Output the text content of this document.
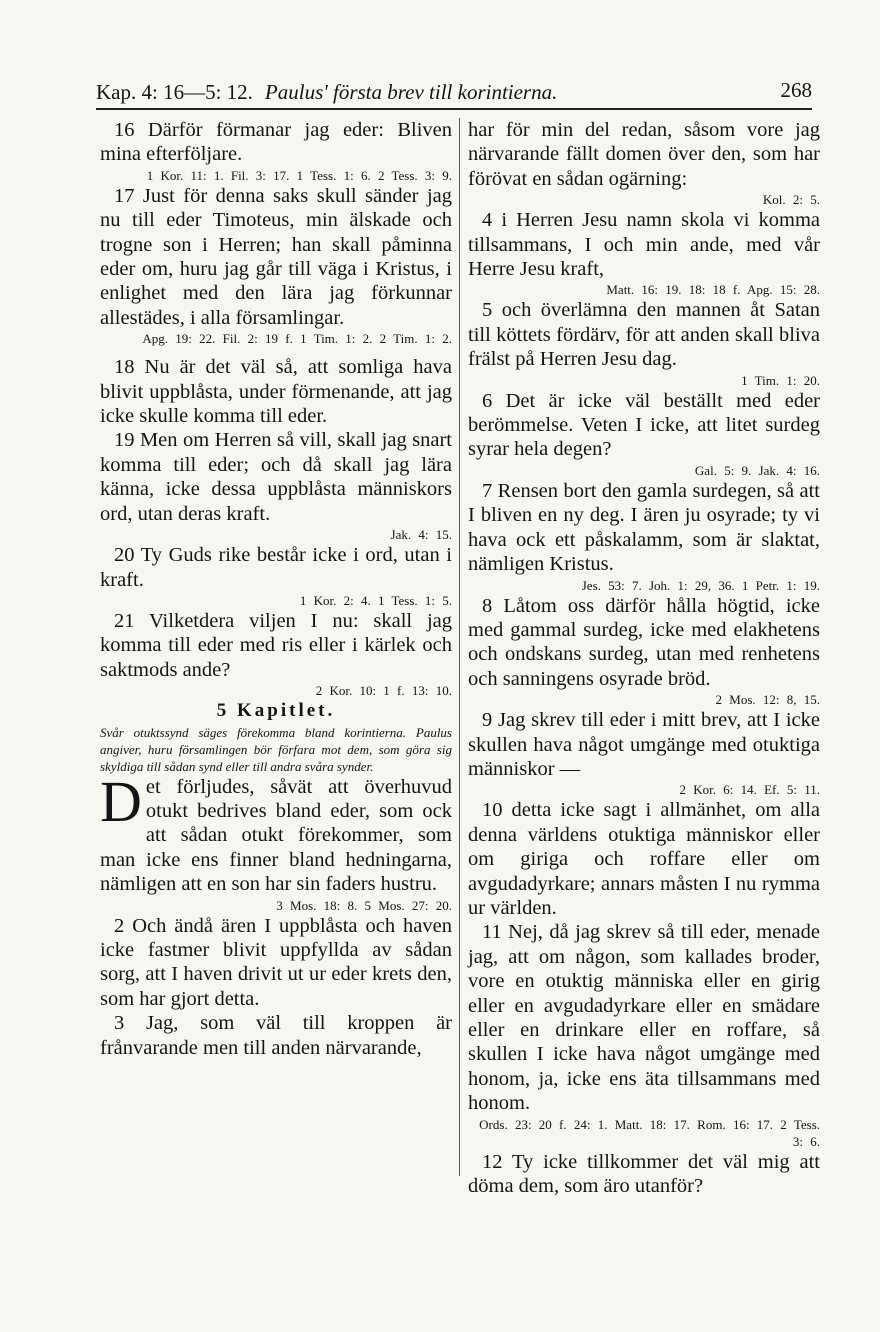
Kap. 4: 16—5: 12. Paulus' första brev till korintierna.	268

16 Därför förmanar jag eder: Bliven mina efterföljare.

1 Kor. 11: 1. Fil. 3: 17. 1 Tess. 1: 6. 2 Tess. 3: 9.

17 Just för denna saks skull sänder jag nu till eder Timoteus, min älskade och trogne son i Herren; han skall påminna eder om, huru jag går till väga i Kristus, i enlighet med den lära jag förkunnar allestädes, i alla församlingar.

Apg. 19: 22. Fil. 2: 19 f. 1 Tim. 1: 2. 2 Tim. 1: 2.

18 Nu är det väl så, att somliga hava blivit uppblåsta, under förmenande, att jag icke skulle komma till eder.

19 Men om Herren så vill, skall jag snart komma till eder; och då skall jag lära känna, icke dessa uppblåsta människors ord, utan deras kraft.

Jak. 4: 15.

20 Ty Guds rike består icke i ord, utan i kraft.

1 Kor. 2: 4. 1 Tess. 1: 5.

21 Vilketdera viljen I nu: skall jag komma till eder med ris eller i kärlek och saktmods ande?

2 Kor. 10: 1 f. 13: 10.

5 Kapitlet.

Svår otuktssynd säges förekomma bland korintierna. Paulus angiver, huru församlingen bör förfara mot dem, som göra sig skyldiga till sådan synd eller till andra svåra synder.

Det förljudes, såvät att överhuvud otukt bedrives bland eder, som ock att sådan otukt förekommer, som man icke ens finner bland hedningarna, nämligen att en son har sin faders hustru.

3 Mos. 18: 8. 5 Mos. 27: 20.

2 Och ändå ären I uppblåsta och haven icke fastmer blivit uppfyllda av sådan sorg, att I haven drivit ut ur eder krets den, som har gjort detta.

3 Jag, som väl till kroppen är frånvarande men till anden närvarande,

har för min del redan, såsom vore jag närvarande fällt domen över den, som har förövat en sådan ogärning:

Kol. 2: 5.

4 i Herren Jesu namn skola vi komma tillsammans, I och min ande, med vår Herre Jesu kraft,

Matt. 16: 19. 18: 18 f. Apg. 15: 28.

5 och överlämna den mannen åt Satan till köttets fördärv, för att anden skall bliva frälst på Herren Jesu dag.

1 Tim. 1: 20.

6 Det är icke väl beställt med eder berömmelse. Veten I icke, att litet surdeg syrar hela degen?

Gal. 5: 9. Jak. 4: 16.

7 Rensen bort den gamla surdegen, så att I bliven en ny deg. I ären ju osyrade; ty vi hava ock ett påskalamm, som är slaktat, nämligen Kristus.

Jes. 53: 7. Joh. 1: 29, 36. 1 Petr. 1: 19.

8 Låtom oss därför hålla högtid, icke med gammal surdeg, icke med elakhetens och ondskans surdeg, utan med renhetens och sanningens osyrade bröd.

2 Mos. 12: 8, 15.

9 Jag skrev till eder i mitt brev, att I icke skullen hava något umgänge med otuktiga människor —

2 Kor. 6: 14. Ef. 5: 11.

10 detta icke sagt i allmänhet, om alla denna världens otuktiga människor eller om giriga och roffare eller om avgudadyrkare; annars måsten I nu rymma ur världen.

11 Nej, då jag skrev så till eder, menade jag, att om någon, som kallades broder, vore en otuktig människa eller en girig eller en avgudadyrkare eller en smädare eller en drinkare eller en roffare, så skullen I icke hava något umgänge med honom, ja, icke ens äta tillsammans med honom.

Ords. 23: 20 f. 24: 1. Matt. 18: 17. Rom. 16: 17. 2 Tess. 3: 6.

12 Ty icke tillkommer det väl mig att döma dem, som äro utanför?
